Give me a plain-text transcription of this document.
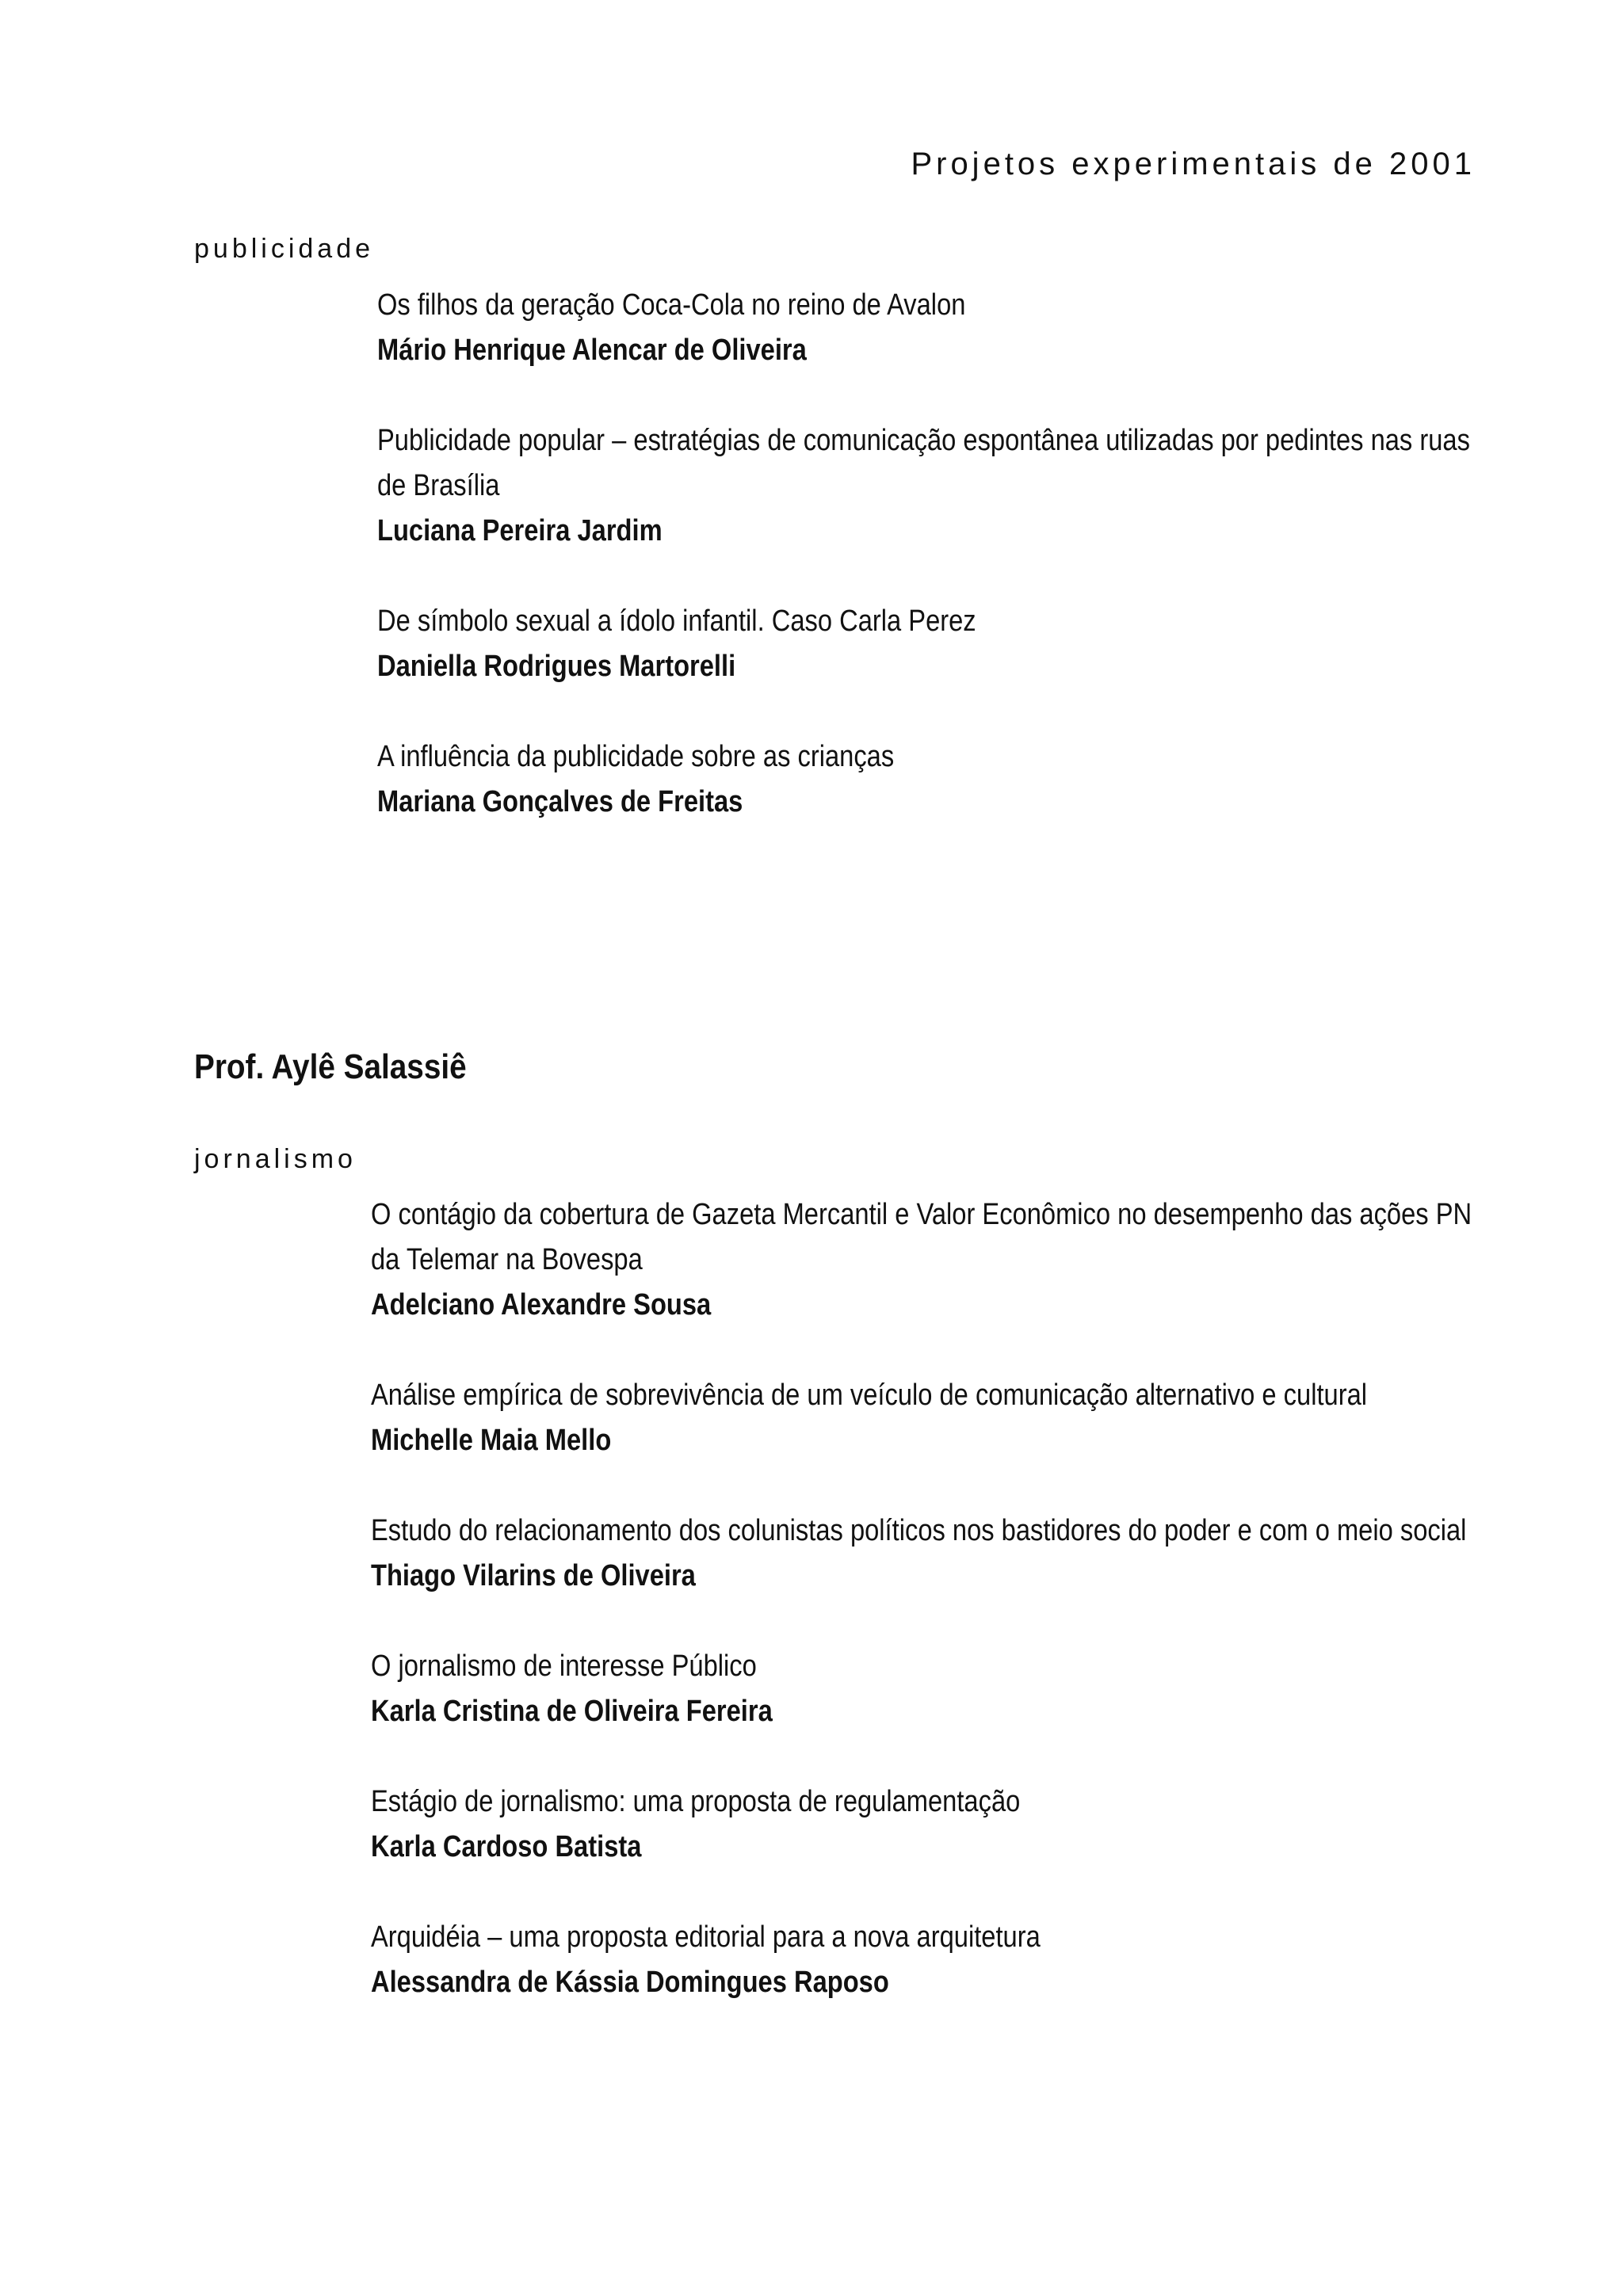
Projetos experimentais de 2001
publicidade
Os filhos da geração Coca-Cola no reino de Avalon
Mário Henrique Alencar de Oliveira
Publicidade popular – estratégias de comunicação espontânea utilizadas por pedintes nas ruas de Brasília
Luciana Pereira Jardim
De símbolo sexual a ídolo infantil. Caso Carla Perez
Daniella Rodrigues Martorelli
A influência da publicidade sobre as crianças
Mariana Gonçalves de Freitas
Prof. Aylê Salassiê
jornalismo
O contágio da cobertura de Gazeta Mercantil e Valor Econômico no desempenho das ações PN da Telemar na Bovespa
Adelciano Alexandre Sousa
Análise empírica de sobrevivência de um veículo de comunicação alternativo e cultural
Michelle Maia Mello
Estudo do relacionamento dos colunistas políticos nos bastidores do poder e com o meio social
Thiago Vilarins de Oliveira
O jornalismo de interesse Público
Karla Cristina de Oliveira Fereira
Estágio de jornalismo: uma proposta de regulamentação
Karla Cardoso Batista
Arquidéia – uma proposta editorial para a nova arquitetura
Alessandra de Kássia Domingues Raposo
